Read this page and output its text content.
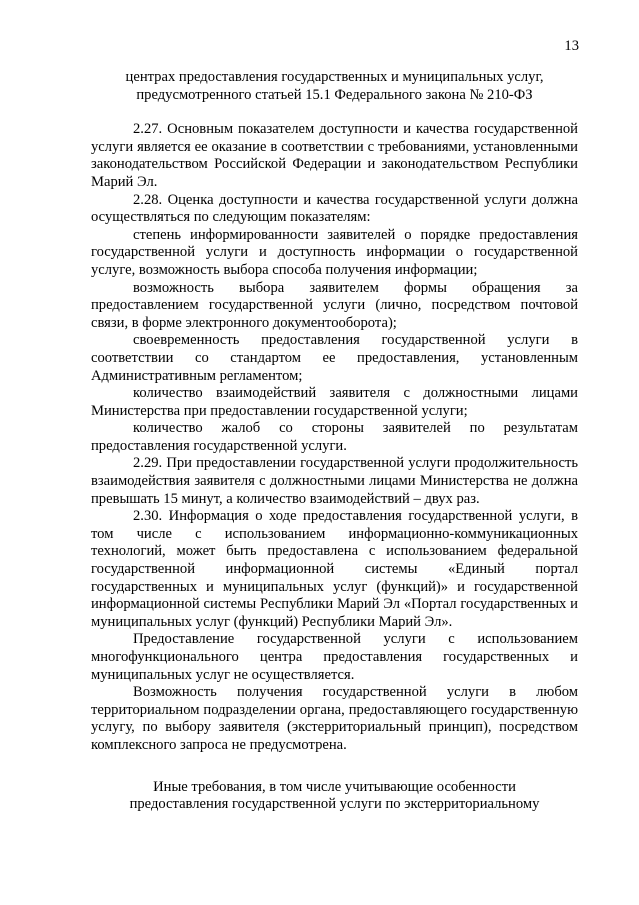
13

центрах предоставления государственных и муниципальных услуг,

предусмотренного статьей 15.1 Федерального закона № 210-ФЗ

2.27. Основным показателем доступности и качества государственной услуги является ее оказание в соответствии с требованиями, установленными законодательством Российской Федерации и законодательством Республики Марий Эл.

2.28. Оценка доступности и качества государственной услуги должна осуществляться по следующим показателям:

степень информированности заявителей о порядке предоставления государственной услуги и доступность информации о государственной услуге, возможность выбора способа получения информации;

возможность выбора заявителем формы обращения за предоставлением государственной услуги (лично, посредством почтовой связи, в форме электронного документооборота);

своевременность предоставления государственной услуги в соответствии со стандартом ее предоставления, установленным Административным регламентом;

количество взаимодействий заявителя с должностными лицами Министерства при предоставлении государственной услуги;

количество жалоб со стороны заявителей по результатам предоставления государственной услуги.

2.29. При предоставлении государственной услуги продолжительность взаимодействия заявителя с должностными лицами Министерства не должна превышать 15 минут, а количество взаимодействий – двух раз.

2.30. Информация о ходе предоставления государственной услуги, в том числе с использованием информационно-коммуникационных технологий, может быть предоставлена с использованием федеральной государственной информационной системы «Единый портал государственных и муниципальных услуг (функций)» и государственной информационной системы Республики Марий Эл «Портал государственных и муниципальных услуг (функций) Республики Марий Эл».

Предоставление государственной услуги с использованием многофункционального центра предоставления государственных и муниципальных услуг не осуществляется.

Возможность получения государственной услуги в любом территориальном подразделении органа, предоставляющего государственную услугу, по выбору заявителя (экстерриториальный принцип), посредством комплексного запроса не предусмотрена.

Иные требования, в том числе учитывающие особенности

предоставления государственной услуги по экстерриториальному
